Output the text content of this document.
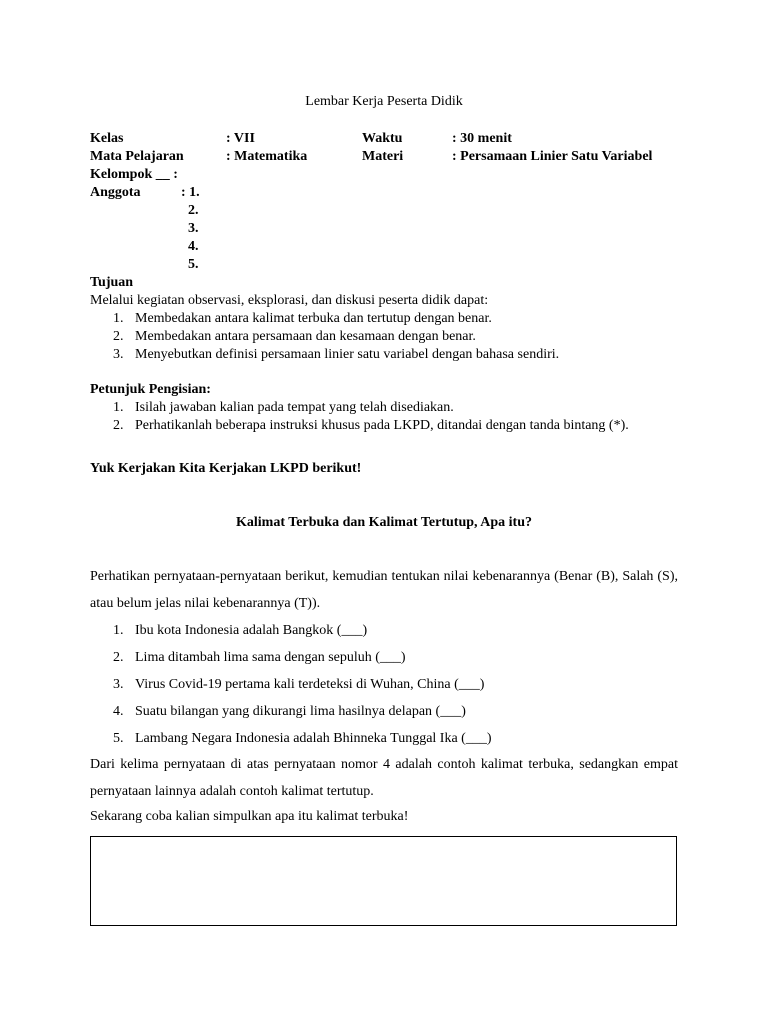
Lembar Kerja Peserta Didik
Kelas	: VII	Waktu	: 30 menit
Mata Pelajaran	: Matematika	Materi	: Persamaan Linier Satu Variabel
Kelompok __ :
Anggota	: 1.
2.
3.
4.
5.
Tujuan
Melalui kegiatan observasi, eksplorasi, dan diskusi peserta didik dapat:
1. Membedakan antara kalimat terbuka dan tertutup dengan benar.
2. Membedakan antara persamaan dan kesamaan dengan benar.
3. Menyebutkan definisi persamaan linier satu variabel dengan bahasa sendiri.
Petunjuk Pengisian:
1. Isilah jawaban kalian pada tempat yang telah disediakan.
2. Perhatikanlah beberapa instruksi khusus pada LKPD, ditandai dengan tanda bintang (*).
Yuk Kerjakan Kita Kerjakan LKPD berikut!
Kalimat Terbuka dan Kalimat Tertutup, Apa itu?
Perhatikan pernyataan-pernyataan berikut, kemudian tentukan nilai kebenarannya (Benar (B), Salah (S), atau belum jelas nilai kebenarannya (T)).
1. Ibu kota Indonesia adalah Bangkok (___)
2. Lima ditambah lima sama dengan sepuluh (___)
3. Virus Covid-19 pertama kali terdeteksi di Wuhan, China (___)
4. Suatu bilangan yang dikurangi lima hasilnya delapan (___)
5. Lambang Negara Indonesia adalah Bhinneka Tunggal Ika (___)
Dari kelima pernyataan di atas pernyataan nomor 4 adalah contoh kalimat terbuka, sedangkan empat pernyataan lainnya adalah contoh kalimat tertutup.
Sekarang coba kalian simpulkan apa itu kalimat terbuka!
